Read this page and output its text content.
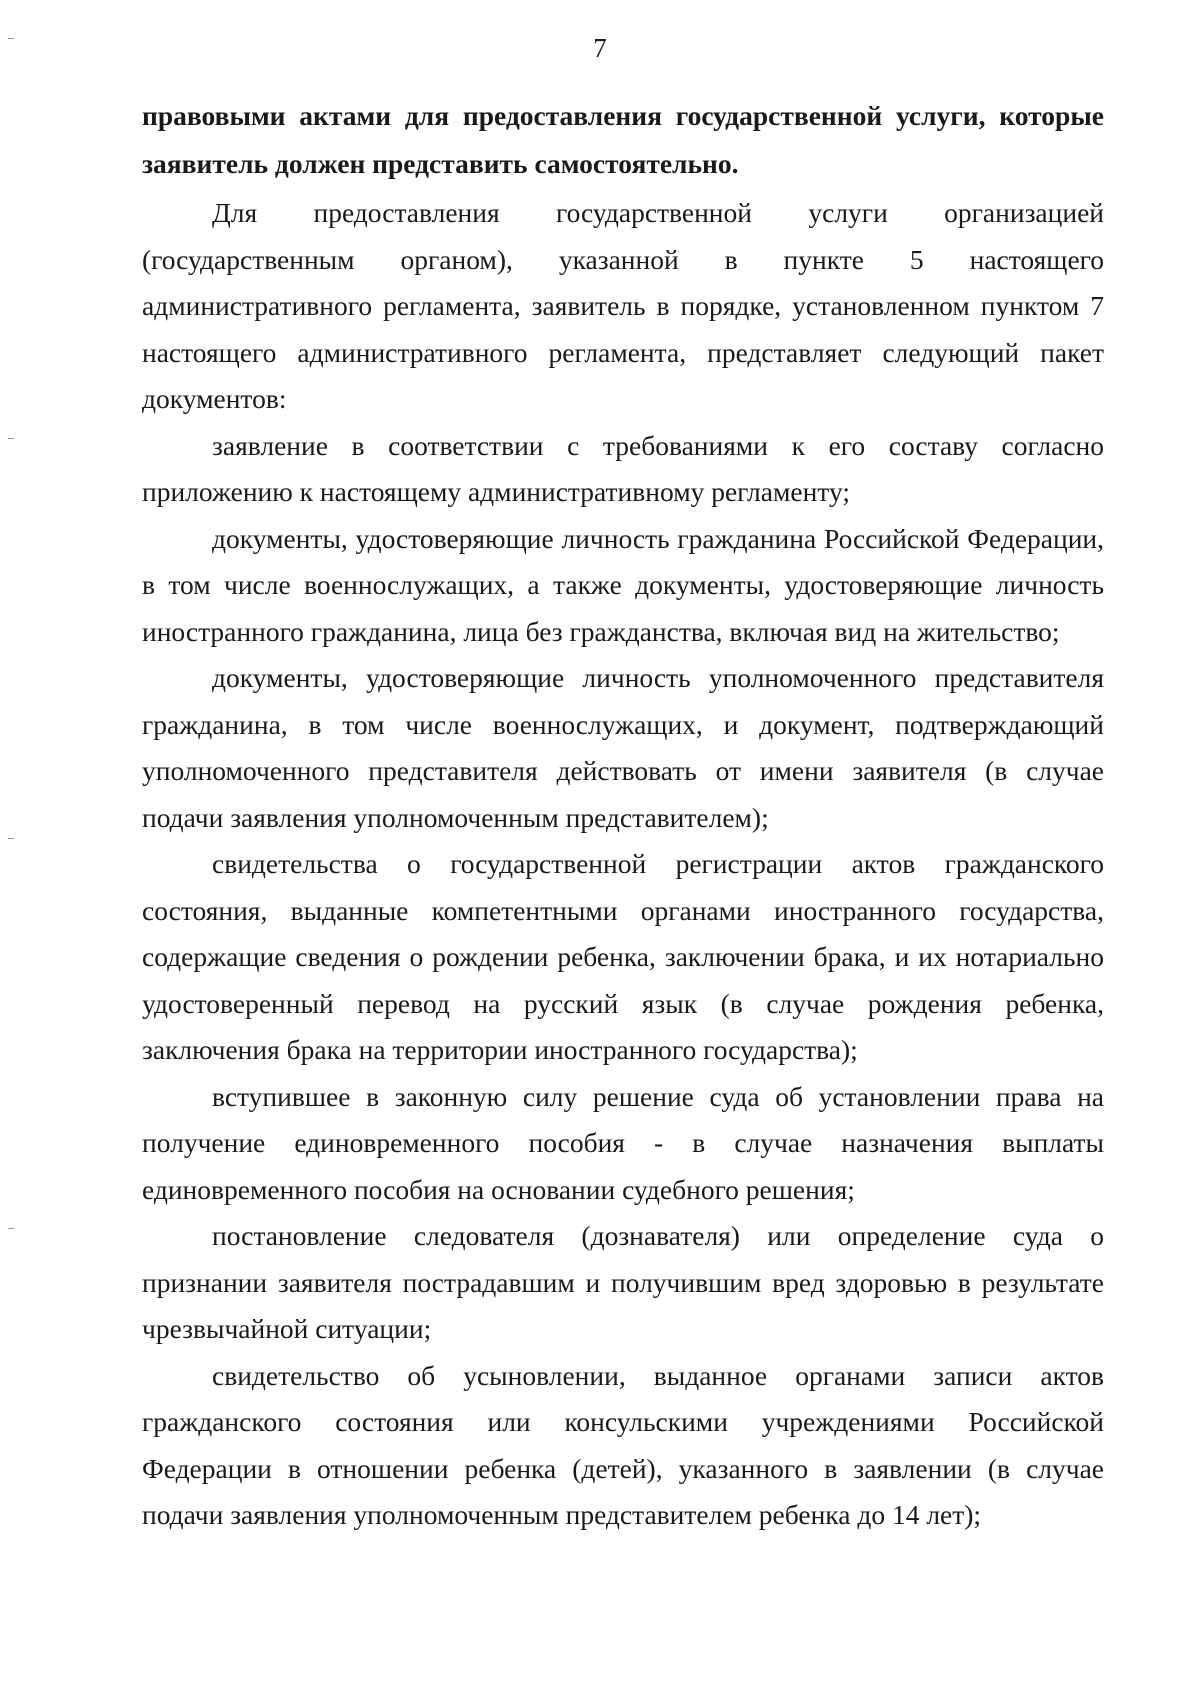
7

правовыми актами для предоставления государственной услуги, которые заявитель должен представить самостоятельно.

Для предоставления государственной услуги организацией (государственным органом), указанной в пункте 5 настоящего административного регламента, заявитель в порядке, установленном пунктом 7 настоящего административного регламента, представляет следующий пакет документов:

заявление в соответствии с требованиями к его составу согласно приложению к настоящему административному регламенту;

документы, удостоверяющие личность гражданина Российской Федерации, в том числе военнослужащих, а также документы, удостоверяющие личность иностранного гражданина, лица без гражданства, включая вид на жительство;

документы, удостоверяющие личность уполномоченного представителя гражданина, в том числе военнослужащих, и документ, подтверждающий уполномоченного представителя действовать от имени заявителя (в случае подачи заявления уполномоченным представителем);

свидетельства о государственной регистрации актов гражданского состояния, выданные компетентными органами иностранного государства, содержащие сведения о рождении ребенка, заключении брака, и их нотариально удостоверенный перевод на русский язык (в случае рождения ребенка, заключения брака на территории иностранного государства);

вступившее в законную силу решение суда об установлении права на получение единовременного пособия - в случае назначения выплаты единовременного пособия на основании судебного решения;

постановление следователя (дознавателя) или определение суда о признании заявителя пострадавшим и получившим вред здоровью в результате чрезвычайной ситуации;

свидетельство об усыновлении, выданное органами записи актов гражданского состояния или консульскими учреждениями Российской Федерации в отношении ребенка (детей), указанного в заявлении (в случае подачи заявления уполномоченным представителем ребенка до 14 лет);
